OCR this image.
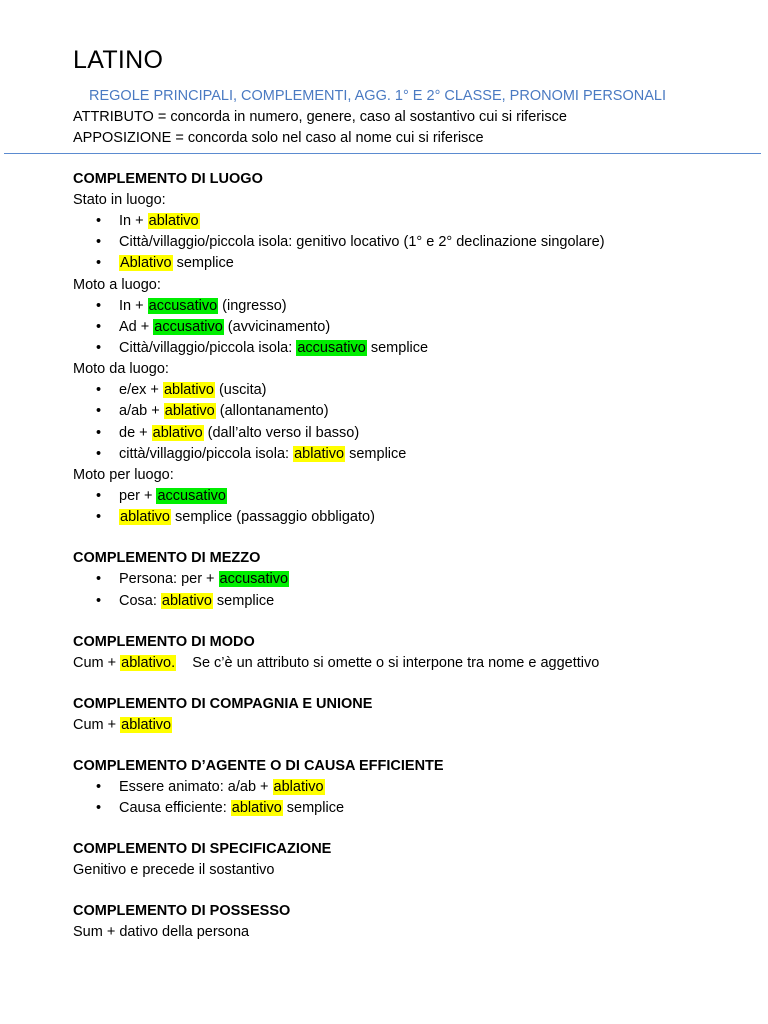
LATINO
REGOLE PRINCIPALI, COMPLEMENTI, AGG. 1° E 2° CLASSE, PRONOMI PERSONALI
ATTRIBUTO = concorda in numero, genere, caso al sostantivo cui si riferisce
APPOSIZIONE = concorda solo nel caso al nome cui si riferisce
COMPLEMENTO DI LUOGO
Stato in luogo:
• In + ablativo
• Città/villaggio/piccola isola: genitivo locativo (1° e 2° declinazione singolare)
• Ablativo semplice
Moto a luogo:
• In + accusativo (ingresso)
• Ad + accusativo (avvicinamento)
• Città/villaggio/piccola isola: accusativo semplice
Moto da luogo:
• e/ex + ablativo (uscita)
• a/ab + ablativo (allontanamento)
• de + ablativo (dall’alto verso il basso)
• città/villaggio/piccola isola: ablativo semplice
Moto per luogo:
• per + accusativo
• ablativo semplice (passaggio obbligato)
COMPLEMENTO DI MEZZO
• Persona: per + accusativo
• Cosa: ablativo semplice
COMPLEMENTO DI MODO
Cum + ablativo.    Se c’è un attributo si omette o si interpone tra nome e aggettivo
COMPLEMENTO DI COMPAGNIA E UNIONE
Cum + ablativo
COMPLEMENTO D’AGENTE O DI CAUSA EFFICIENTE
• Essere animato: a/ab + ablativo
• Causa efficiente: ablativo semplice
COMPLEMENTO DI SPECIFICAZIONE
Genitivo e precede il sostantivo
COMPLEMENTO DI POSSESSO
Sum + dativo della persona
